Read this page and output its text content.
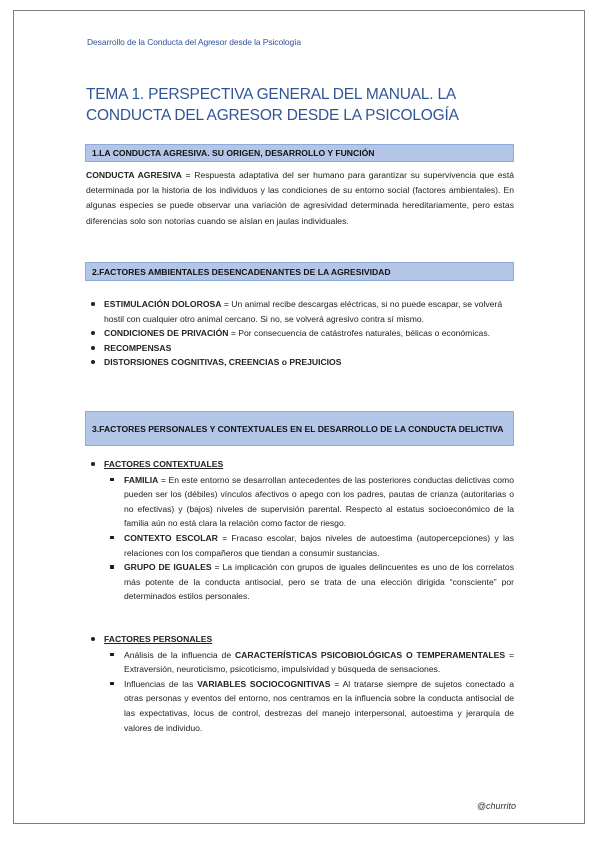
Desarrollo de la Conducta del Agresor desde la Psicología
TEMA 1. PERSPECTIVA GENERAL DEL MANUAL. LA CONDUCTA DEL AGRESOR DESDE LA PSICOLOGÍA
1.LA CONDUCTA AGRESIVA. SU ORIGEN, DESARROLLO Y FUNCIÓN
CONDUCTA AGRESIVA = Respuesta adaptativa del ser humano para garantizar su supervivencia que está determinada por la historia de los individuos y las condiciones de su entorno social (factores ambientales). En algunas especies se puede observar una variación de agresividad determinada hereditariamente, pero estas diferencias solo son notorias cuando se aíslan en jaulas individuales.
2.FACTORES AMBIENTALES DESENCADENANTES DE LA AGRESIVIDAD
ESTIMULACIÓN DOLOROSA = Un animal recibe descargas eléctricas, si no puede escapar, se volverá hostil con cualquier otro animal cercano. Si no, se volverá agresivo contra sí mismo.
CONDICIONES DE PRIVACIÓN = Por consecuencia de catástrofes naturales, bélicas o económicas.
RECOMPENSAS
DISTORSIONES COGNITIVAS, CREENCIAS o PREJUICIOS
3.FACTORES PERSONALES Y CONTEXTUALES EN EL DESARROLLO DE LA CONDUCTA DELICTIVA
FACTORES CONTEXTUALES
FAMILIA = En este entorno se desarrollan antecedentes de las posteriores conductas delictivas como pueden ser los (débiles) vínculos afectivos o apego con los padres, pautas de crianza (autoritarias o no efectivas) y (bajos) niveles de supervisión parental. Respecto al estatus socioeconómico de la familia aún no está clara la relación como factor de riesgo.
CONTEXTO ESCOLAR = Fracaso escolar, bajos niveles de autoestima (autopercepciones) y las relaciones con los compañeros que tiendan a consumir sustancias.
GRUPO DE IGUALES = La implicación con grupos de iguales delincuentes es uno de los correlatos más potente de la conducta antisocial, pero se trata de una elección dirigida “consciente” por determinados estilos personales.
FACTORES PERSONALES
Análisis de la influencia de CARACTERÍSTICAS PSICOBIOLÓGICAS O TEMPERAMENTALES = Extraversión, neuroticismo, psicoticismo, impulsividad y búsqueda de sensaciones.
Influencias de las VARIABLES SOCIOCOGNITIVAS = Al tratarse siempre de sujetos conectado a otras personas y eventos del entorno, nos centramos en la influencia sobre la conducta antisocial de las expectativas, locus de control, destrezas del manejo interpersonal, autoestima y jerarquía de valores de individuo.
@churrito
